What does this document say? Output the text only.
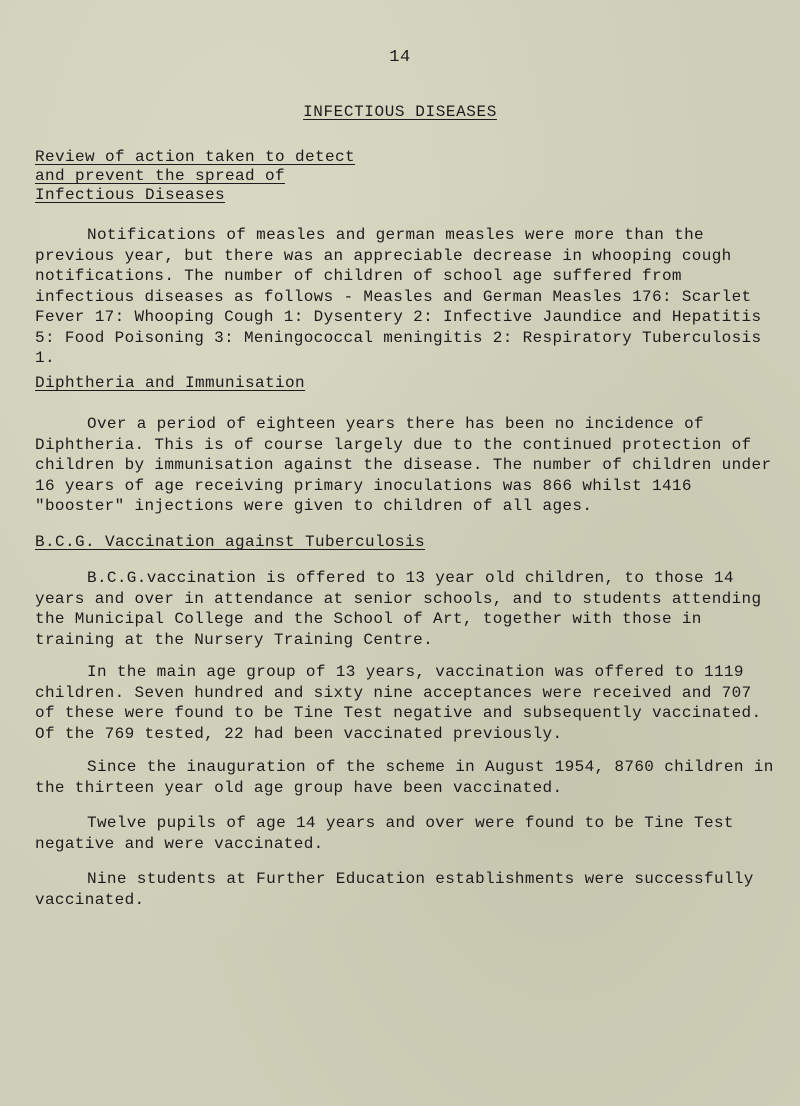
14
INFECTIOUS DISEASES
Review of action taken to detect
and prevent the spread of
Infectious Diseases

Notifications of measles and german measles were more than the previous year, but there was an appreciable decrease in whooping cough notifications. The number of children of school age suffered from infectious diseases as follows - Measles and German Measles 176: Scarlet Fever 17: Whooping Cough 1: Dysentery 2: Infective Jaundice and Hepatitis 5: Food Poisoning 3: Meningococcal meningitis 2: Respiratory Tuberculosis 1.

Diphtheria and Immunisation

Over a period of eighteen years there has been no incidence of Diphtheria. This is of course largely due to the continued protection of children by immunisation against the disease. The number of children under 16 years of age receiving primary inoculations was 866 whilst 1416 "booster" injections were given to children of all ages.

B.C.G. Vaccination against Tuberculosis

B.C.G.vaccination is offered to 13 year old children, to those 14 years and over in attendance at senior schools, and to students attending the Municipal College and the School of Art, together with those in training at the Nursery Training Centre.

In the main age group of 13 years, vaccination was offered to 1119 children. Seven hundred and sixty nine acceptances were received and 707 of these were found to be Tine Test negative and subsequently vaccinated. Of the 769 tested, 22 had been vaccinated previously.

Since the inauguration of the scheme in August 1954, 8760 children in the thirteen year old age group have been vaccinated.

Twelve pupils of age 14 years and over were found to be Tine Test negative and were vaccinated.

Nine students at Further Education establishments were successfully vaccinated.
